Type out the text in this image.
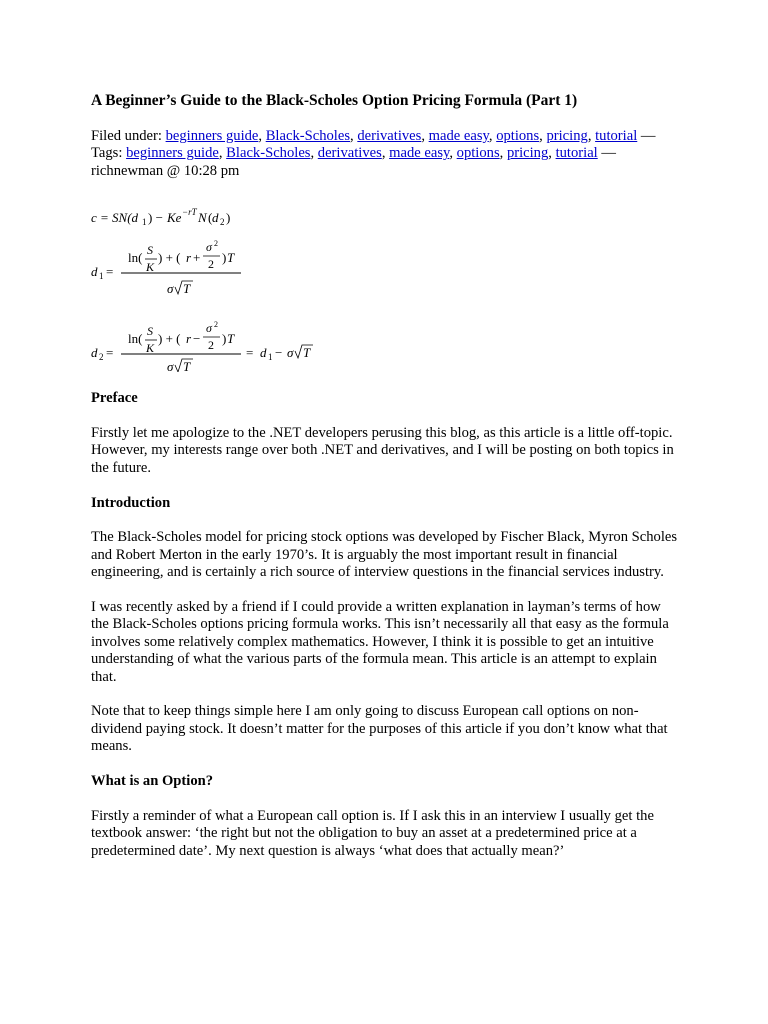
A Beginner’s Guide to the Black-Scholes Option Pricing Formula (Part 1)

Filed under: beginners guide, Black-Scholes, derivatives, made easy, options, pricing, tutorial —
Tags: beginners guide, Black-Scholes, derivatives, made easy, options, pricing, tutorial —
richnewman @ 10:28 pm

c = SN(d 1 ) − Ke −rT N ( d 2 )
d 1 =
ln( S
K
) + ( r +
σ 2
2 ) T
σ T
d 2 =
ln( S
K
) + ( r −
σ 2
2 ) T
σ T
= d 1 − σ T
Preface

Firstly let me apologize to the .NET developers perusing this blog, as this article is a little off-topic. However, my interests range over both .NET and derivatives, and I will be posting on both topics in the future.

Introduction

The Black-Scholes model for pricing stock options was developed by Fischer Black, Myron Scholes and Robert Merton in the early 1970’s. It is arguably the most important result in financial engineering, and is certainly a rich source of interview questions in the financial services industry.

I was recently asked by a friend if I could provide a written explanation in layman’s terms of how the Black-Scholes options pricing formula works. This isn’t necessarily all that easy as the formula involves some relatively complex mathematics. However, I think it is possible to get an intuitive understanding of what the various parts of the formula mean. This article is an attempt to explain that.

Note that to keep things simple here I am only going to discuss European call options on non-dividend paying stock. It doesn’t matter for the purposes of this article if you don’t know what that means.

What is an Option?

Firstly a reminder of what a European call option is. If I ask this in an interview I usually get the textbook answer: ‘the right but not the obligation to buy an asset at a predetermined price at a predetermined date’. My next question is always ‘what does that actually mean?’
